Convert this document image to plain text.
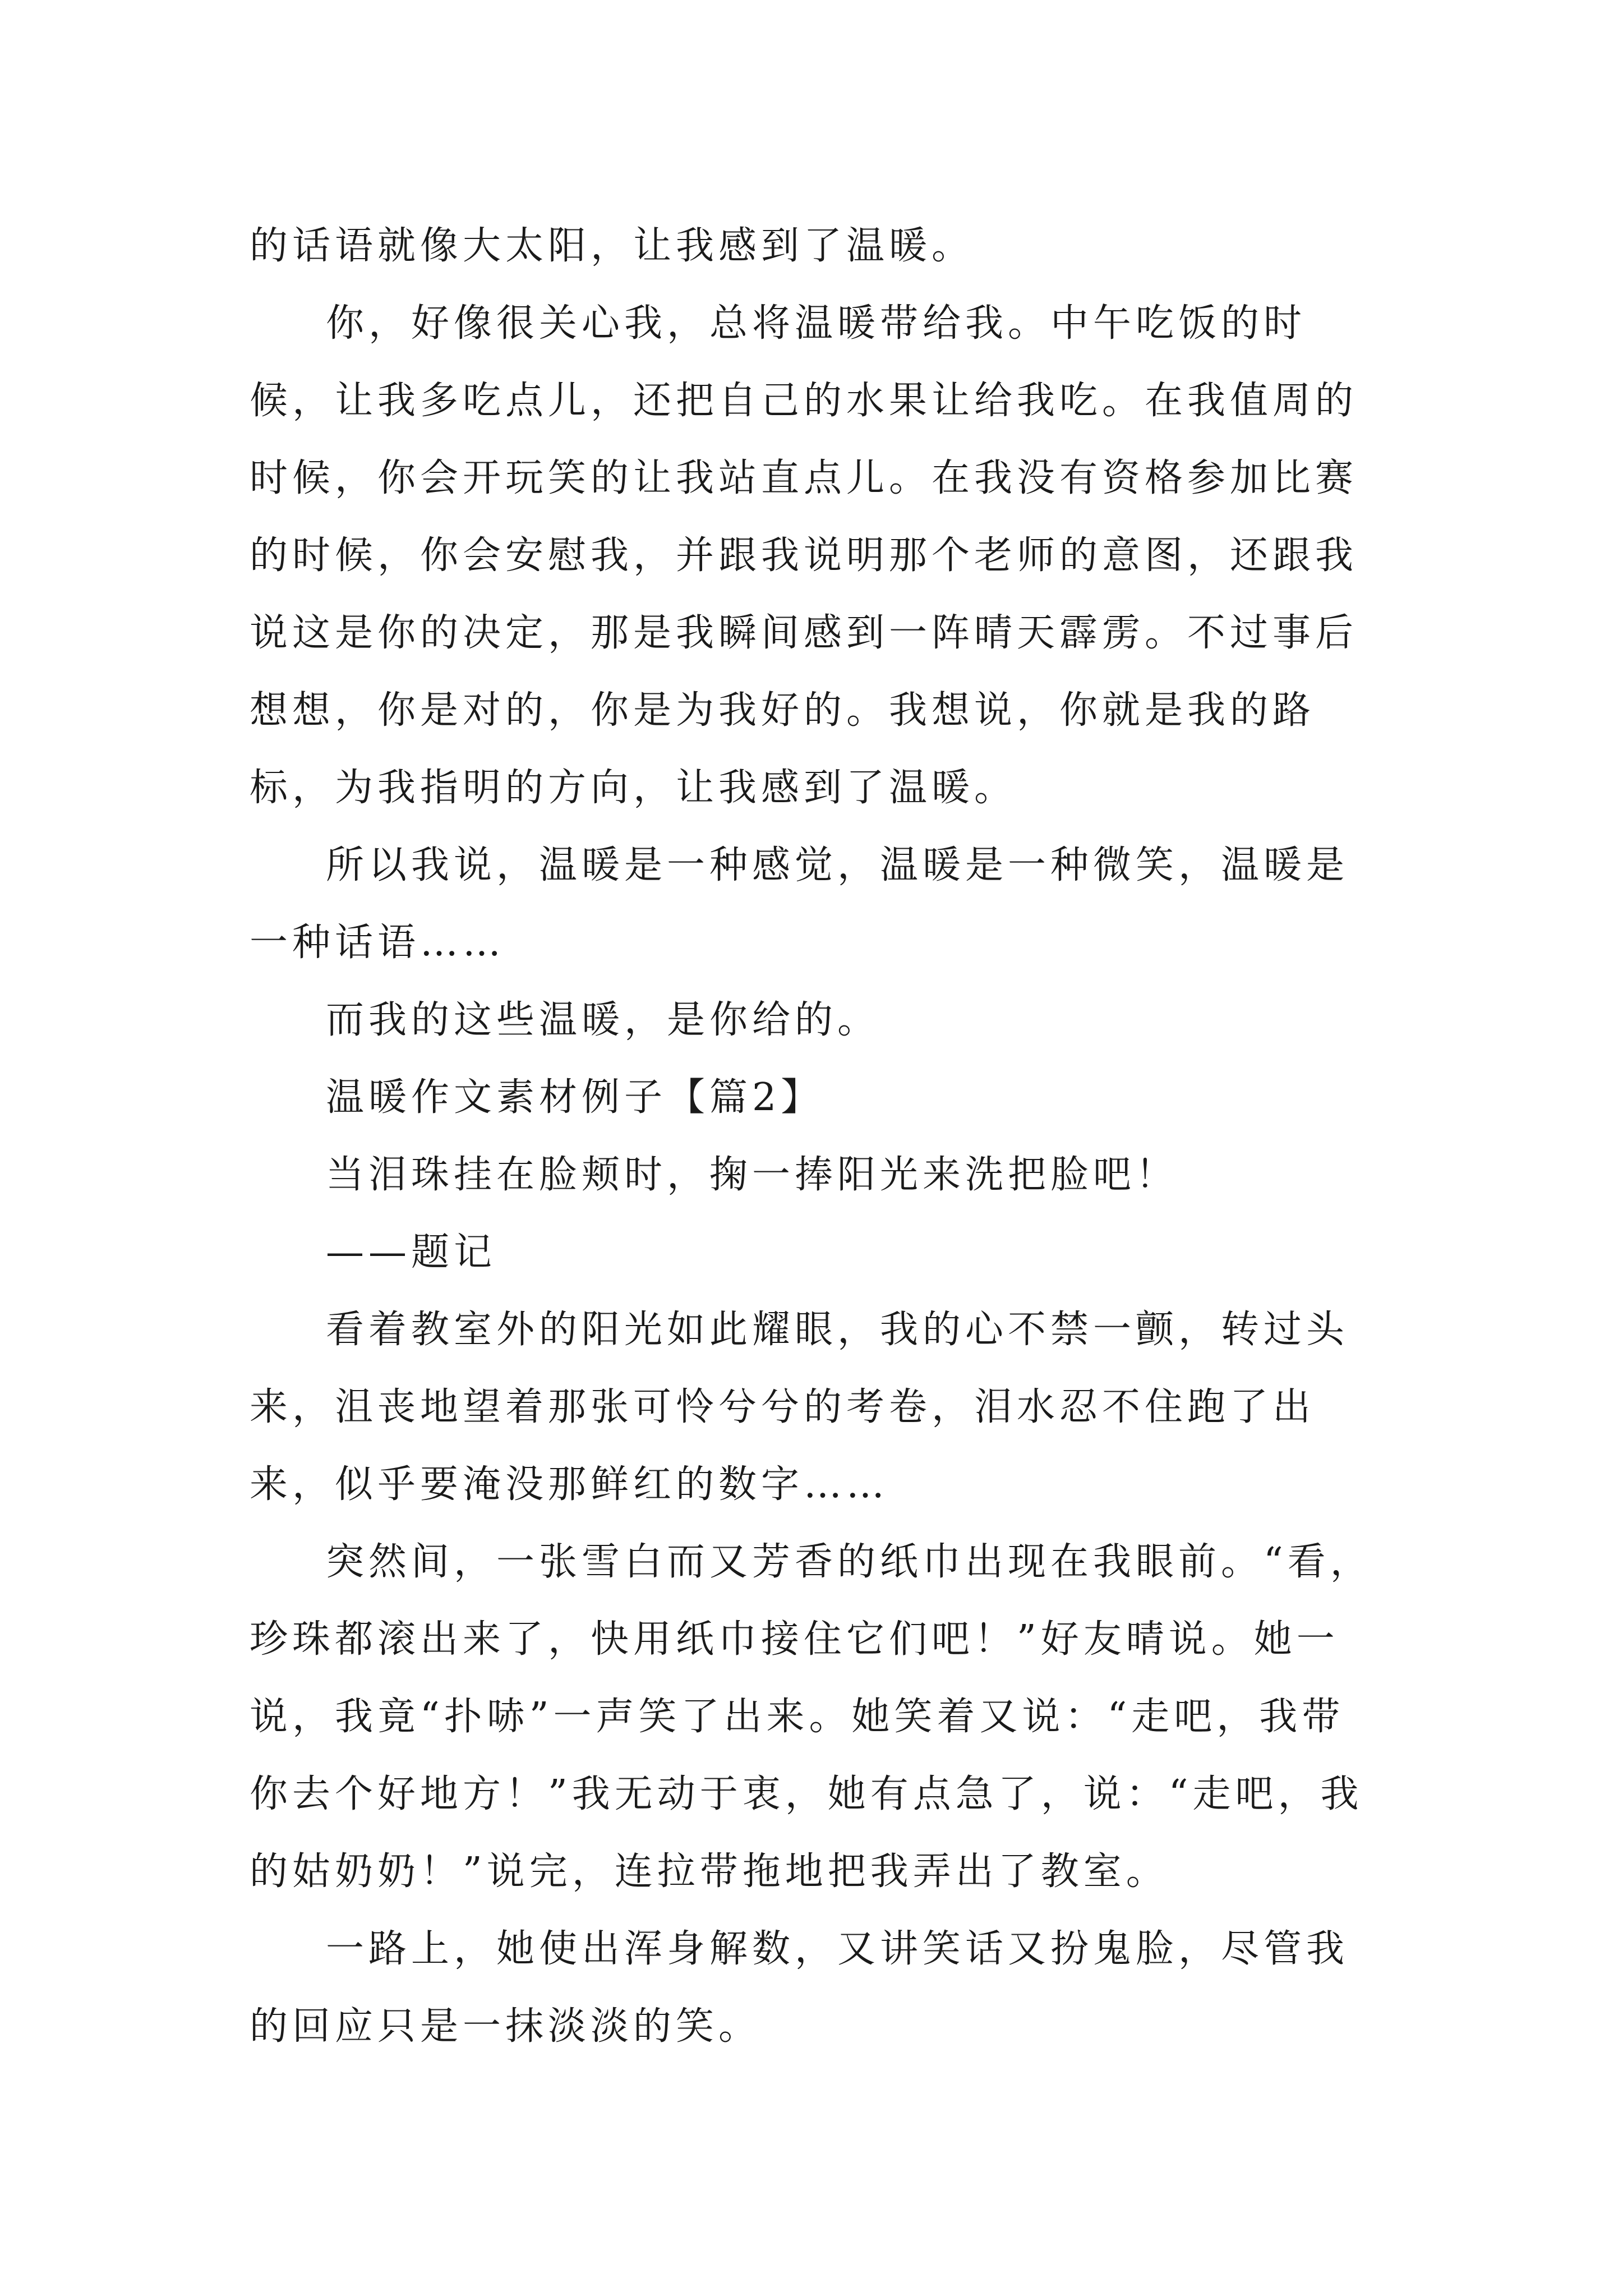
的话语就像大太阳，让我感到了温暖。

你，好像很关心我，总将温暖带给我。中午吃饭的时候，让我多吃点儿，还把自己的水果让给我吃。在我值周的时候，你会开玩笑的让我站直点儿。在我没有资格参加比赛的时候，你会安慰我，并跟我说明那个老师的意图，还跟我说这是你的决定，那是我瞬间感到一阵晴天霹雳。不过事后想想，你是对的，你是为我好的。我想说，你就是我的路标，为我指明的方向，让我感到了温暖。

所以我说，温暖是一种感觉，温暖是一种微笑，温暖是一种话语……

而我的这些温暖，是你给的。

温暖作文素材例子【篇2】

当泪珠挂在脸颊时，掬一捧阳光来洗把脸吧！

——题记

看着教室外的阳光如此耀眼，我的心不禁一颤，转过头来，沮丧地望着那张可怜兮兮的考卷，泪水忍不住跑了出来，似乎要淹没那鲜红的数字……

突然间，一张雪白而又芳香的纸巾出现在我眼前。“看，珍珠都滚出来了，快用纸巾接住它们吧！”好友晴说。她一说，我竟“扑哧”一声笑了出来。她笑着又说：“走吧，我带你去个好地方！”我无动于衷，她有点急了，说：“走吧，我的姑奶奶！”说完，连拉带拖地把我弄出了教室。

一路上，她使出浑身解数，又讲笑话又扮鬼脸，尽管我的回应只是一抹淡淡的笑。
